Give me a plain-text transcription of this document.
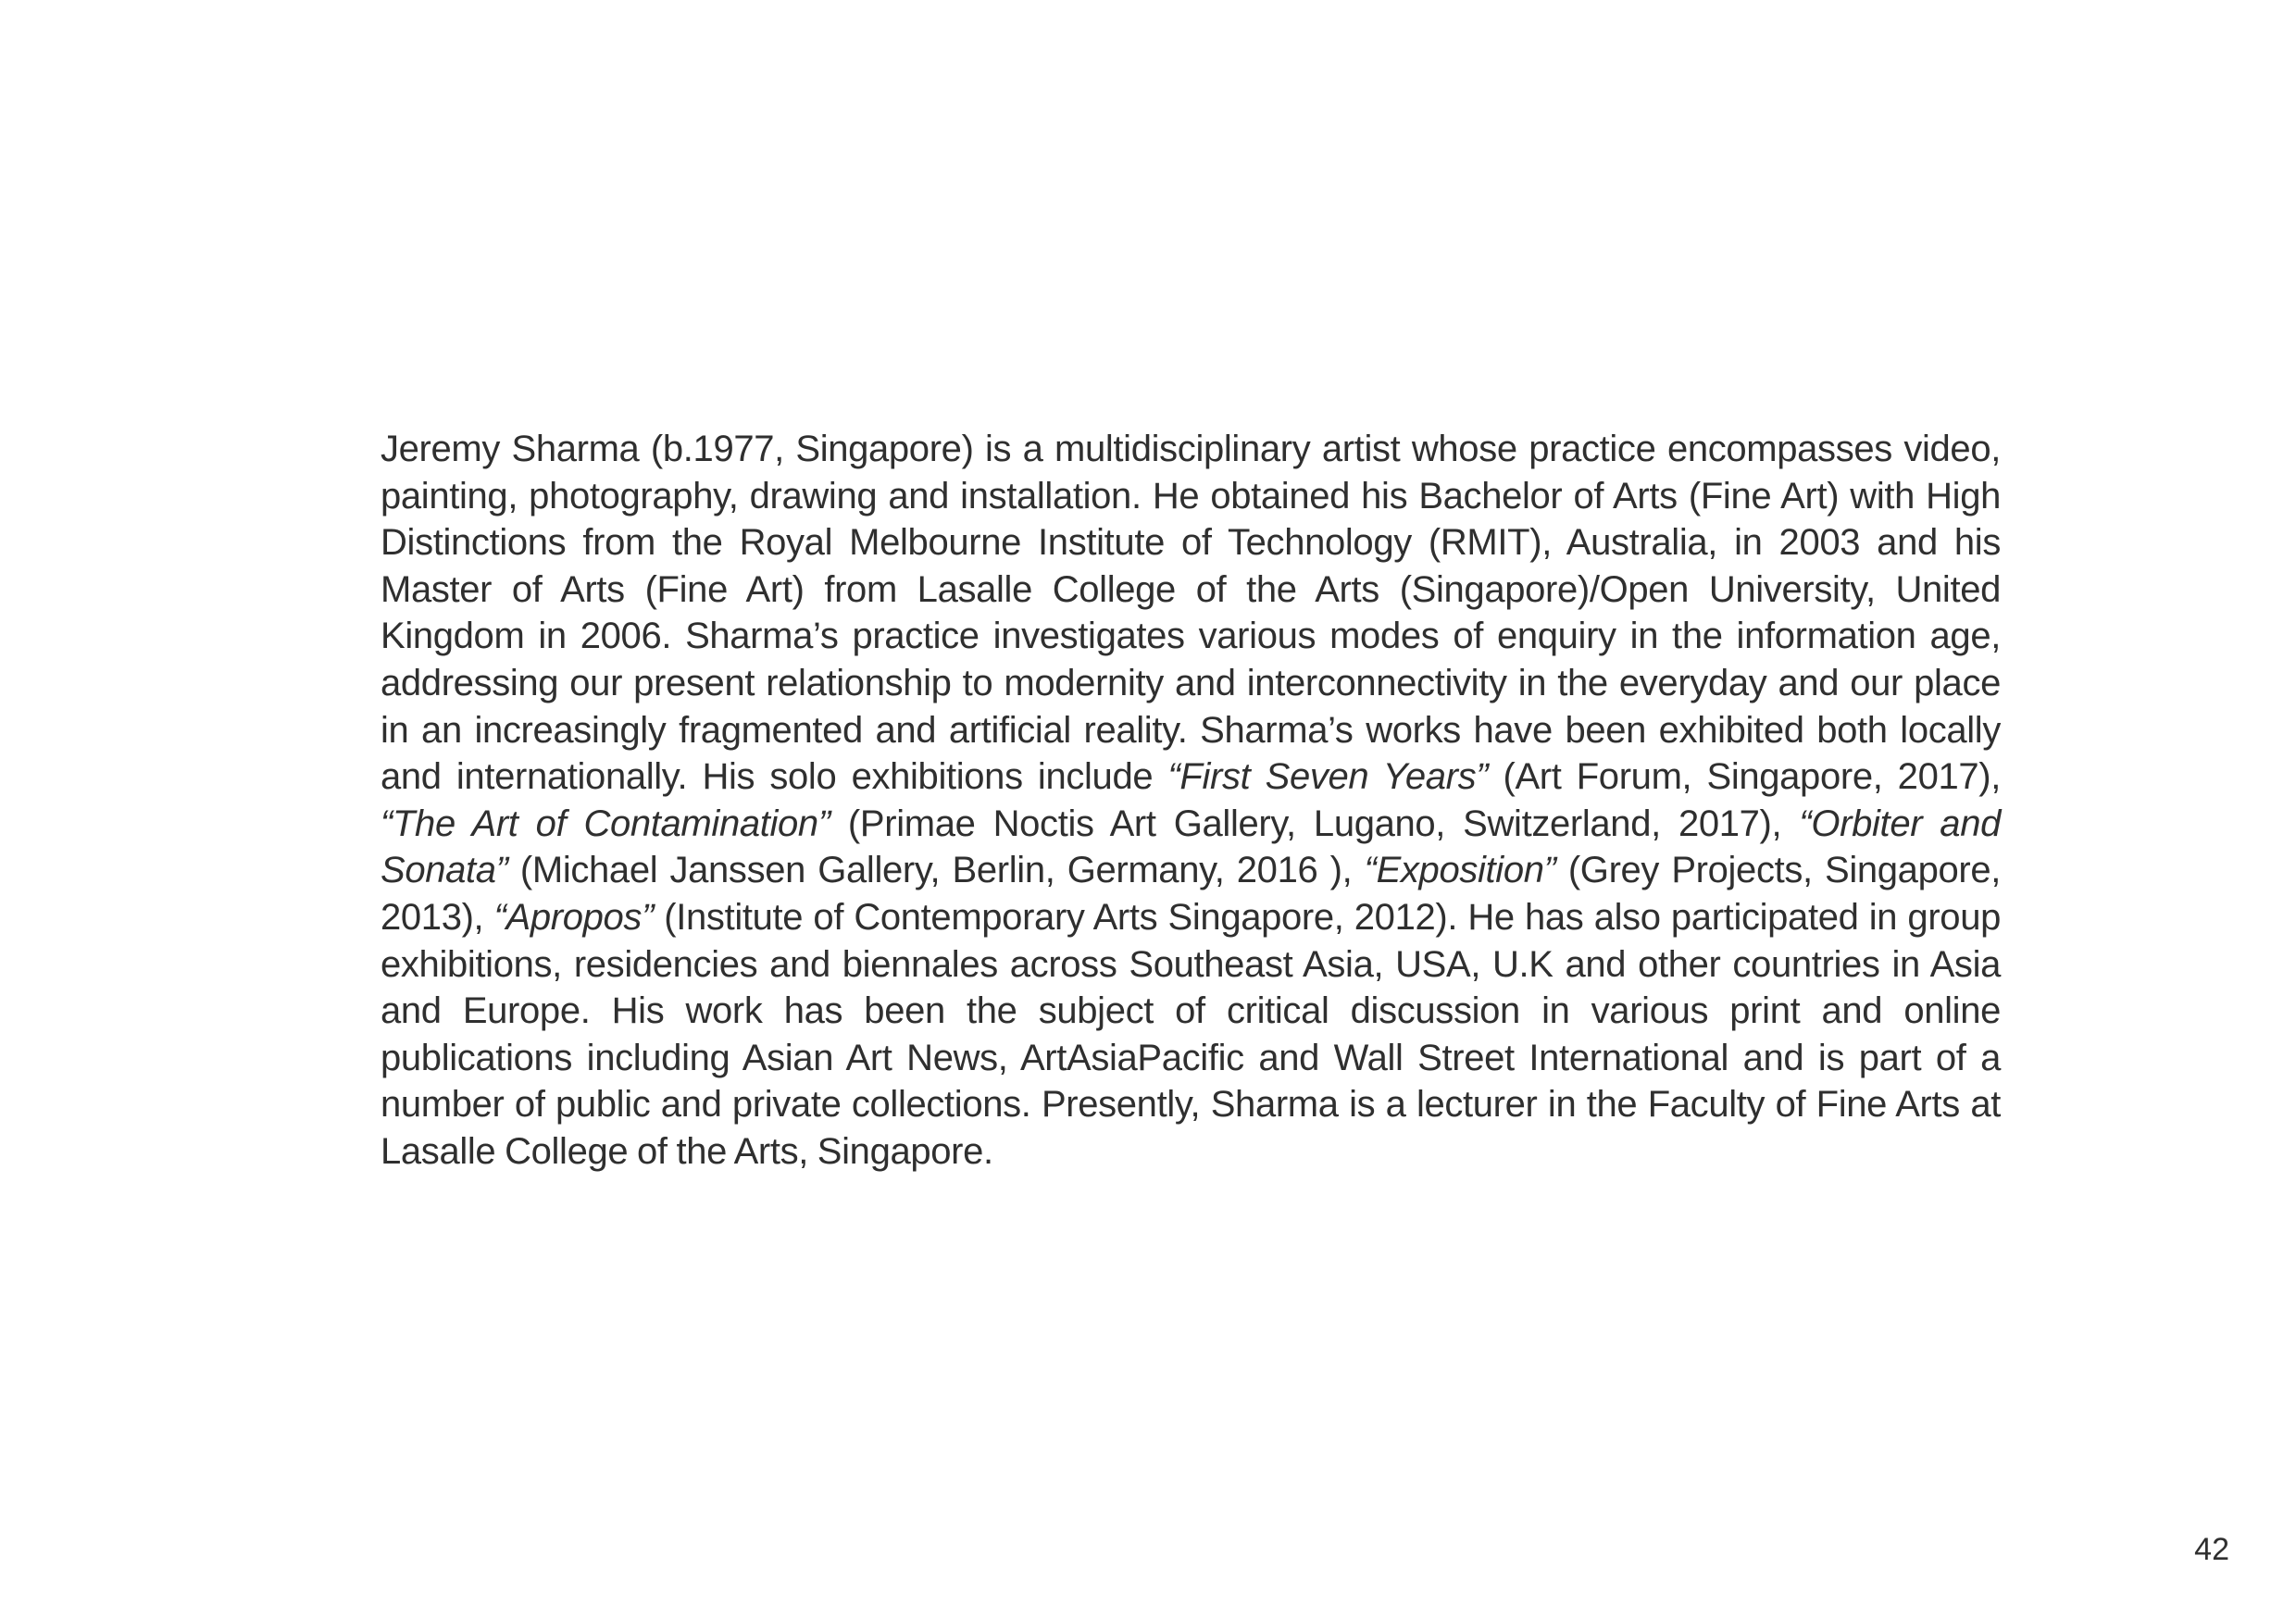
Jeremy Sharma (b.1977, Singapore) is a multidisciplinary artist whose practice encompasses video, painting, photography, drawing and installation. He obtained his Bachelor of Arts (Fine Art) with High Distinctions from the Royal Melbourne Institute of Technology (RMIT), Australia, in 2003 and his Master of Arts (Fine Art) from Lasalle College of the Arts (Singapore)/Open University, United Kingdom in 2006. Sharma’s practice investigates various modes of enquiry in the information age, addressing our present relationship to modernity and interconnectivity in the everyday and our place in an increasingly fragmented and artificial reality. Sharma’s works have been exhibited both locally and internationally. His solo exhibitions include “First Seven Years” (Art Forum, Singapore, 2017), “The Art of Contamination” (Primae Noctis Art Gallery, Lugano, Switzerland, 2017), “Orbiter and Sonata” (Michael Janssen Gallery, Berlin, Germany, 2016 ), “Exposition” (Grey Projects, Singapore, 2013), “Apropos” (Institute of Contemporary Arts Singapore, 2012). He has also participated in group exhibitions, residencies and biennales across Southeast Asia, USA, U.K and other countries in Asia and Europe. His work has been the subject of critical discussion in various print and online publications including Asian Art News, ArtAsiaPacific and Wall Street International and is part of a number of public and private collections. Presently, Sharma is a lecturer in the Faculty of Fine Arts at Lasalle College of the Arts, Singapore.

42
